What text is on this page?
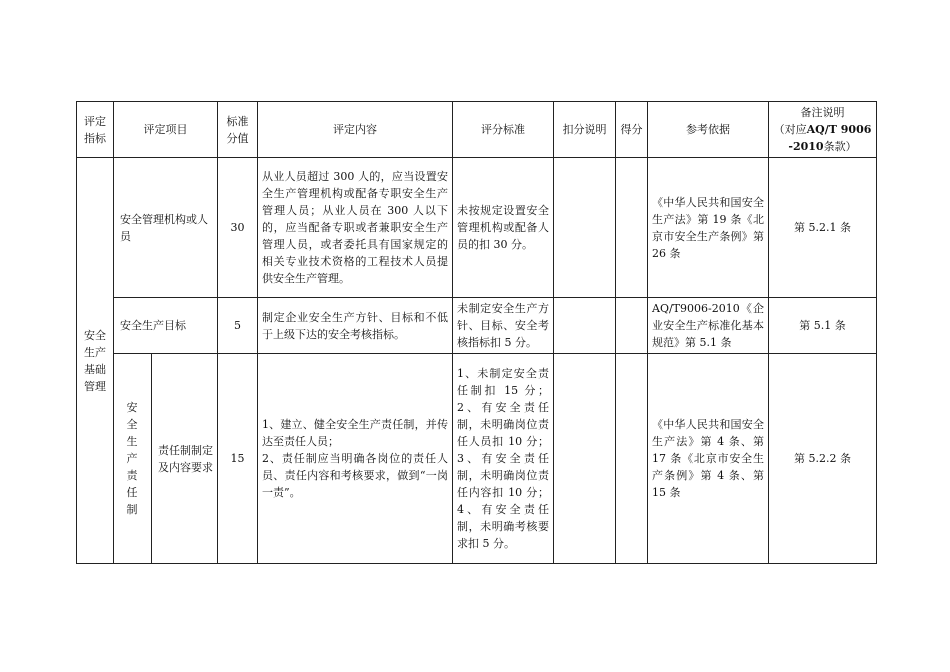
评定指标	评定项目		标准分值	评定内容	评分标准	扣分说明	得分	参考依据	备注说明
（对应AQ/T 9006
-2010条款）

安全生产基础管理	安全管理机构或人员		30	从业人员超过 300 人的，应当设置安全生产管理机构或配备专职安全生产管理人员；从业人员在 300 人以下的，应当配备专职或者兼职安全生产管理人员，或者委托具有国家规定的相关专业技术资格的工程技术人员提供安全生产管理。	未按规定设置安全管理机构或配备人员的扣 30 分。			《中华人民共和国安全生产法》第 19 条《北京市安全生产条例》第 26 条	第 5.2.1 条
	安全生产目标		5	制定企业安全生产方针、目标和不低于上级下达的安全考核指标。	未制定安全生产方针、目标、安全考核指标扣 5 分。			AQ/T9006-2010《企业安全生产标准化基本规范》第 5.1 条	第 5.1 条
	安全生产责任制	责任制制定及内容要求	15	1、建立、健全安全生产责任制，并传达至责任人员；
2、责任制应当明确各岗位的责任人员、责任内容和考核要求，做到“一岗一责”。	1、未制定安全责任制扣 15 分；2、有安全责任制，未明确岗位责任人员扣 10 分；3、有安全责任制，未明确岗位责任内容扣 10 分；4、有安全责任制，未明确考核要求扣 5 分。			《中华人民共和国安全生产法》第 4 条、第 17 条《北京市安全生产条例》第 4 条、第 15 条	第 5.2.2 条
